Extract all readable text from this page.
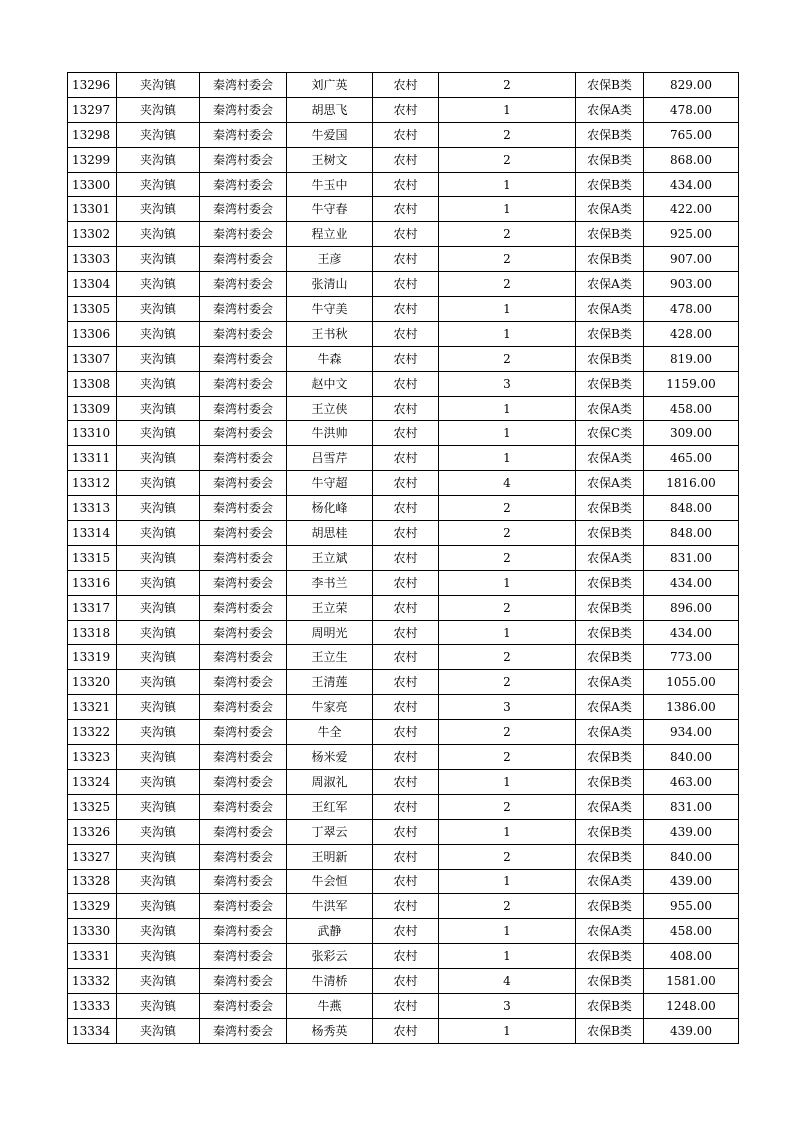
13296	夹沟镇	秦湾村委会	刘广英	农村	2	农保B类	829.00
13297	夹沟镇	秦湾村委会	胡思飞	农村	1	农保A类	478.00
13298	夹沟镇	秦湾村委会	牛爱国	农村	2	农保B类	765.00
13299	夹沟镇	秦湾村委会	王树文	农村	2	农保B类	868.00
13300	夹沟镇	秦湾村委会	牛玉中	农村	1	农保B类	434.00
13301	夹沟镇	秦湾村委会	牛守春	农村	1	农保A类	422.00
13302	夹沟镇	秦湾村委会	程立业	农村	2	农保B类	925.00
13303	夹沟镇	秦湾村委会	王彦	农村	2	农保B类	907.00
13304	夹沟镇	秦湾村委会	张清山	农村	2	农保A类	903.00
13305	夹沟镇	秦湾村委会	牛守美	农村	1	农保A类	478.00
13306	夹沟镇	秦湾村委会	王书秋	农村	1	农保B类	428.00
13307	夹沟镇	秦湾村委会	牛森	农村	2	农保B类	819.00
13308	夹沟镇	秦湾村委会	赵中文	农村	3	农保B类	1159.00
13309	夹沟镇	秦湾村委会	王立侠	农村	1	农保A类	458.00
13310	夹沟镇	秦湾村委会	牛洪帅	农村	1	农保C类	309.00
13311	夹沟镇	秦湾村委会	吕雪芹	农村	1	农保A类	465.00
13312	夹沟镇	秦湾村委会	牛守超	农村	4	农保A类	1816.00
13313	夹沟镇	秦湾村委会	杨化峰	农村	2	农保B类	848.00
13314	夹沟镇	秦湾村委会	胡思桂	农村	2	农保B类	848.00
13315	夹沟镇	秦湾村委会	王立斌	农村	2	农保A类	831.00
13316	夹沟镇	秦湾村委会	李书兰	农村	1	农保B类	434.00
13317	夹沟镇	秦湾村委会	王立荣	农村	2	农保B类	896.00
13318	夹沟镇	秦湾村委会	周明光	农村	1	农保B类	434.00
13319	夹沟镇	秦湾村委会	王立生	农村	2	农保B类	773.00
13320	夹沟镇	秦湾村委会	王清莲	农村	2	农保A类	1055.00
13321	夹沟镇	秦湾村委会	牛家亮	农村	3	农保A类	1386.00
13322	夹沟镇	秦湾村委会	牛全	农村	2	农保A类	934.00
13323	夹沟镇	秦湾村委会	杨米爱	农村	2	农保B类	840.00
13324	夹沟镇	秦湾村委会	周淑礼	农村	1	农保B类	463.00
13325	夹沟镇	秦湾村委会	王红军	农村	2	农保A类	831.00
13326	夹沟镇	秦湾村委会	丁翠云	农村	1	农保B类	439.00
13327	夹沟镇	秦湾村委会	王明新	农村	2	农保B类	840.00
13328	夹沟镇	秦湾村委会	牛会恒	农村	1	农保A类	439.00
13329	夹沟镇	秦湾村委会	牛洪军	农村	2	农保B类	955.00
13330	夹沟镇	秦湾村委会	武静	农村	1	农保A类	458.00
13331	夹沟镇	秦湾村委会	张彩云	农村	1	农保B类	408.00
13332	夹沟镇	秦湾村委会	牛清桥	农村	4	农保B类	1581.00
13333	夹沟镇	秦湾村委会	牛燕	农村	3	农保B类	1248.00
13334	夹沟镇	秦湾村委会	杨秀英	农村	1	农保B类	439.00
